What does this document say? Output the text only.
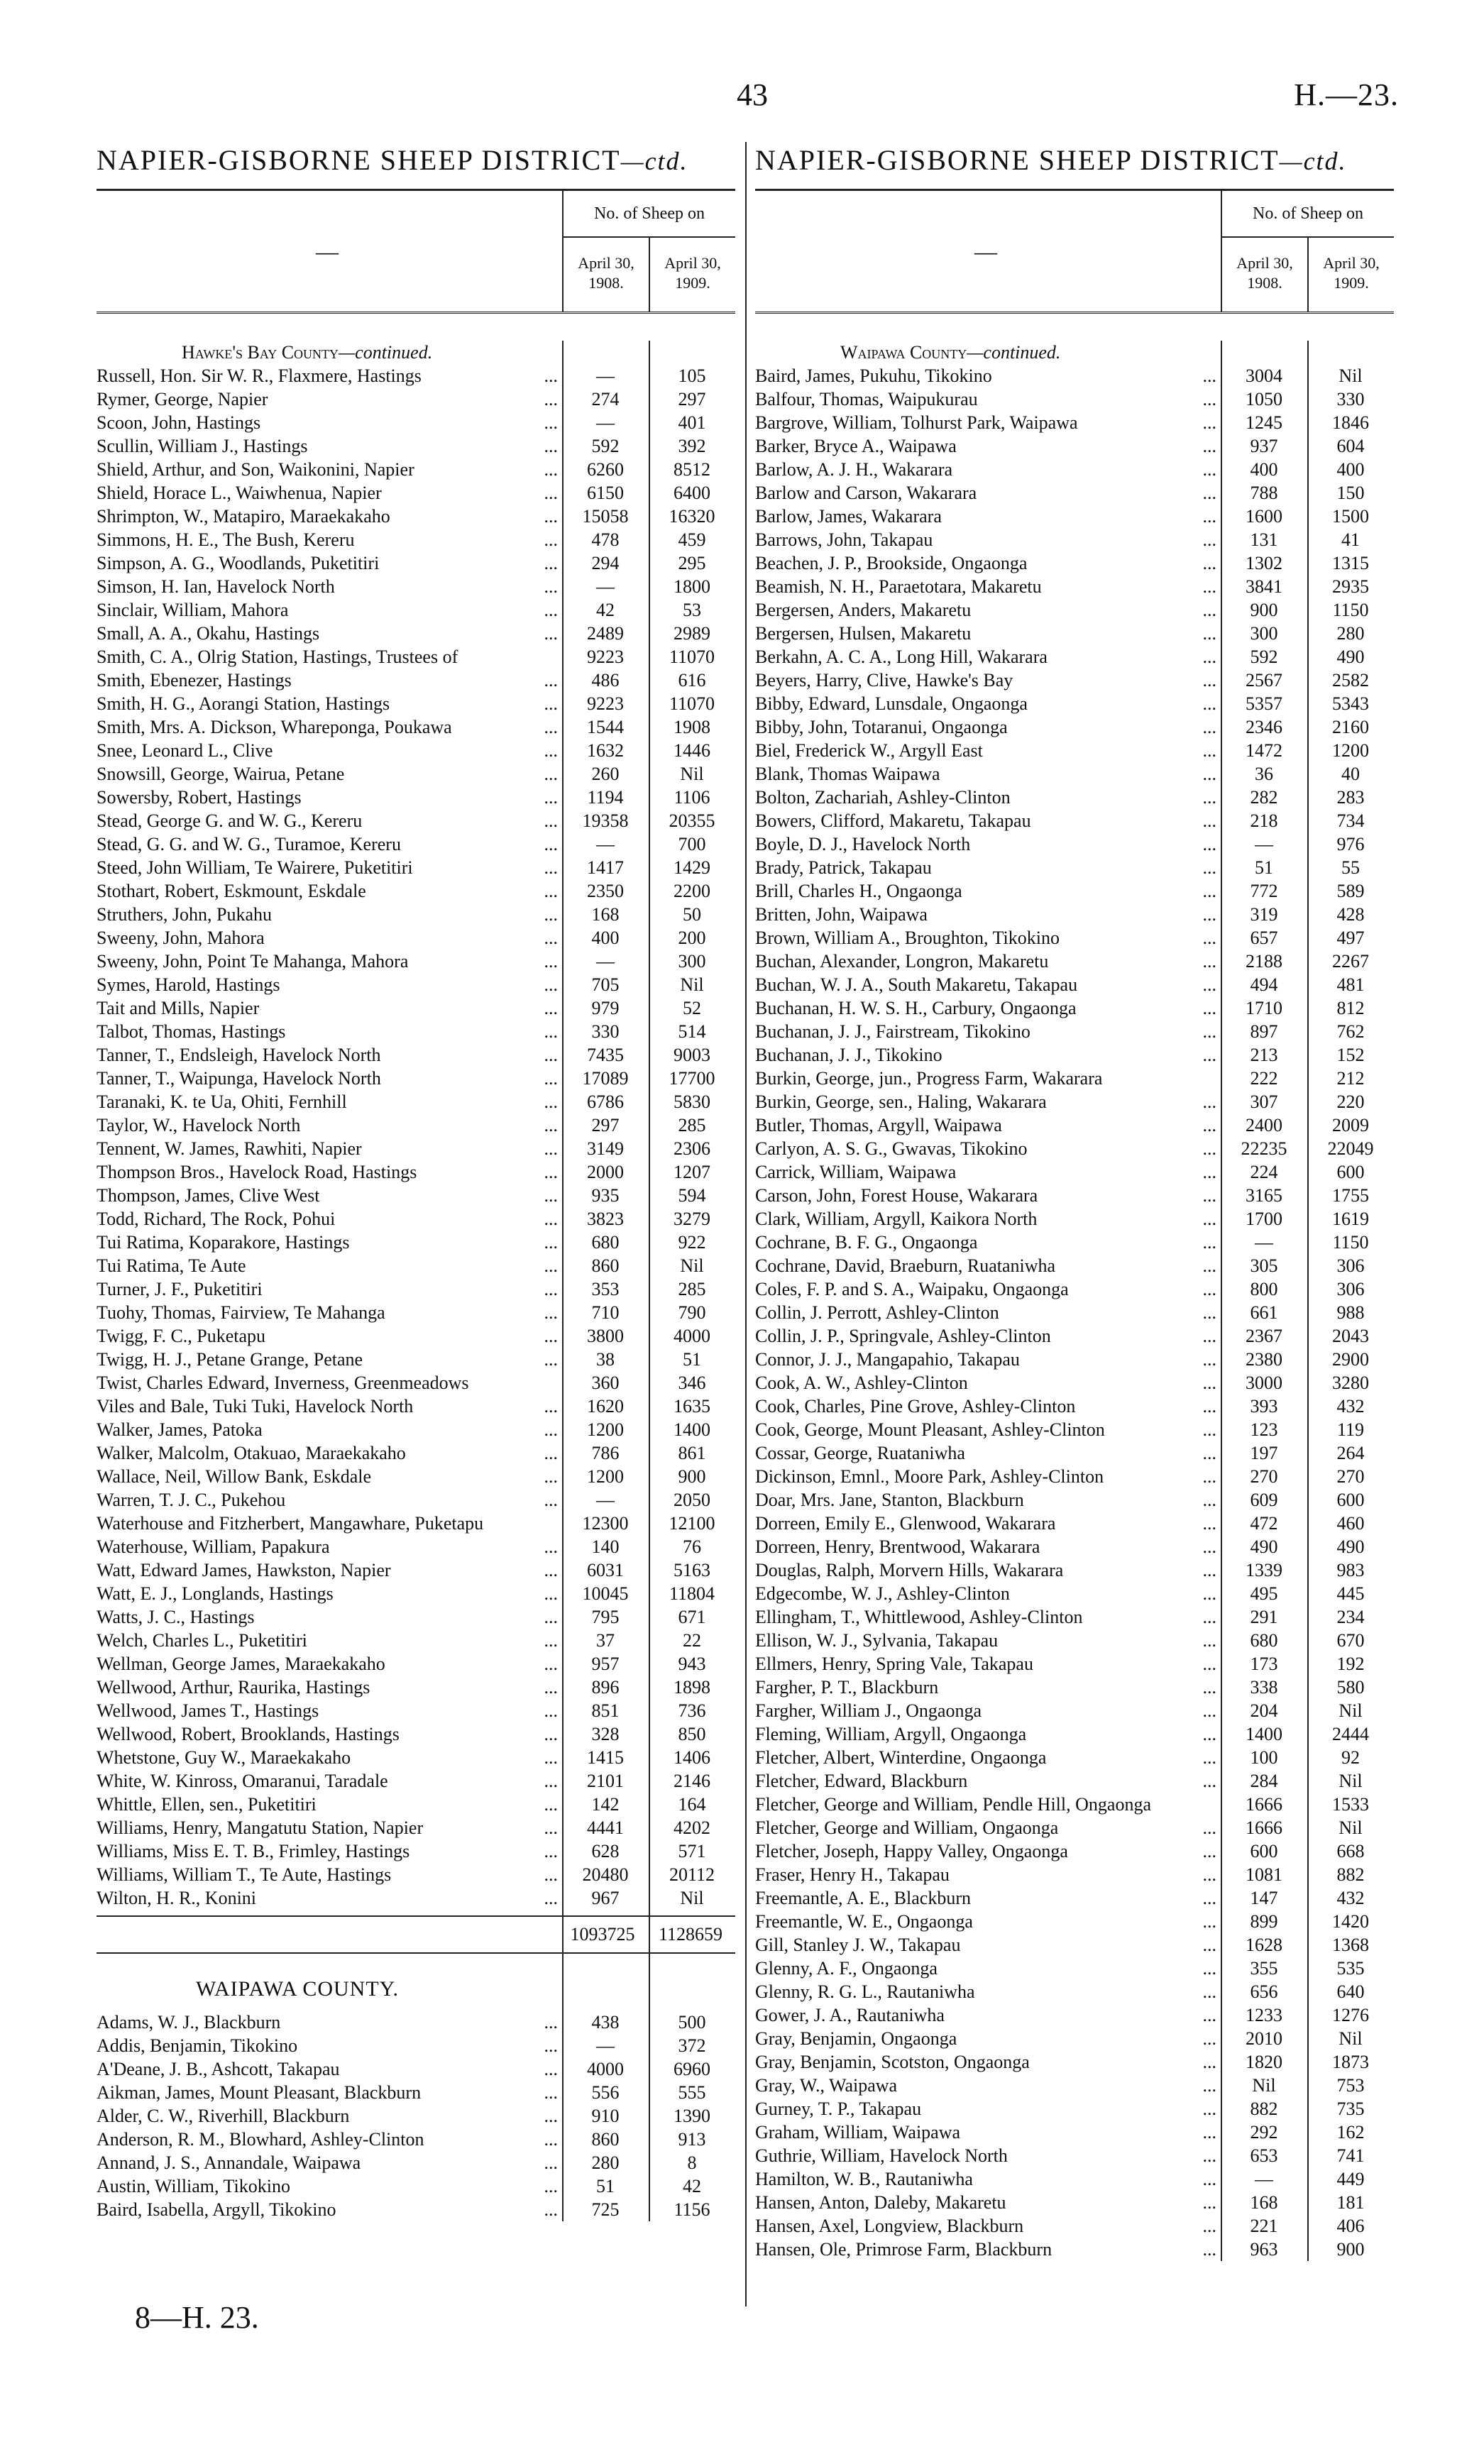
43	H.—23.
NAPIER-GISBORNE SHEEP DISTRICT—ctd.
—
No. of Sheep on
April 30,
1908.
April 30,
1909.
Hawke's Bay County—continued.
Russell, Hon. Sir W. R., Flaxmere, Hastings ...	—	105
Rymer, George, Napier ...	274	297
Scoon, John, Hastings ...	—	401
Scullin, William J., Hastings ...	592	392
Shield, Arthur, and Son, Waikonini, Napier ...	6260	8512
Shield, Horace L., Waiwhenua, Napier ...	6150	6400
Shrimpton, W., Matapiro, Maraekakaho ...	15058	16320
Simmons, H. E., The Bush, Kereru ...	478	459
Simpson, A. G., Woodlands, Puketitiri ...	294	295
Simson, H. Ian, Havelock North ...	—	1800
Sinclair, William, Mahora ...	42	53
Small, A. A., Okahu, Hastings ...	2489	2989
Smith, C. A., Olrig Station, Hastings, Trustees of	9223	11070
Smith, Ebenezer, Hastings ...	486	616
Smith, H. G., Aorangi Station, Hastings ...	9223	11070
Smith, Mrs. A. Dickson, Whareponga, Poukawa ...	1544	1908
Snee, Leonard L., Clive ...	1632	1446
Snowsill, George, Wairua, Petane ...	260	Nil
Sowersby, Robert, Hastings ...	1194	1106
Stead, George G. and W. G., Kereru ...	19358	20355
Stead, G. G. and W. G., Turamoe, Kereru ...	—	700
Steed, John William, Te Wairere, Puketitiri ...	1417	1429
Stothart, Robert, Eskmount, Eskdale ...	2350	2200
Struthers, John, Pukahu ...	168	50
Sweeny, John, Mahora ...	400	200
Sweeny, John, Point Te Mahanga, Mahora ...	—	300
Symes, Harold, Hastings ...	705	Nil
Tait and Mills, Napier ...	979	52
Talbot, Thomas, Hastings ...	330	514
Tanner, T., Endsleigh, Havelock North ...	7435	9003
Tanner, T., Waipunga, Havelock North ...	17089	17700
Taranaki, K. te Ua, Ohiti, Fernhill ...	6786	5830
Taylor, W., Havelock North ...	297	285
Tennent, W. James, Rawhiti, Napier ...	3149	2306
Thompson Bros., Havelock Road, Hastings ...	2000	1207
Thompson, James, Clive West ...	935	594
Todd, Richard, The Rock, Pohui ...	3823	3279
Tui Ratima, Koparakore, Hastings ...	680	922
Tui Ratima, Te Aute ...	860	Nil
Turner, J. F., Puketitiri ...	353	285
Tuohy, Thomas, Fairview, Te Mahanga ...	710	790
Twigg, F. C., Puketapu ...	3800	4000
Twigg, H. J., Petane Grange, Petane ...	38	51
Twist, Charles Edward, Inverness, Greenmeadows	360	346
Viles and Bale, Tuki Tuki, Havelock North ...	1620	1635
Walker, James, Patoka ...	1200	1400
Walker, Malcolm, Otakuao, Maraekakaho ...	786	861
Wallace, Neil, Willow Bank, Eskdale ...	1200	900
Warren, T. J. C., Pukehou ...	—	2050
Waterhouse and Fitzherbert, Mangawhare, Puketapu	12300	12100
Waterhouse, William, Papakura ...	140	76
Watt, Edward James, Hawkston, Napier ...	6031	5163
Watt, E. J., Longlands, Hastings ...	10045	11804
Watts, J. C., Hastings ...	795	671
Welch, Charles L., Puketitiri ...	37	22
Wellman, George James, Maraekakaho ...	957	943
Wellwood, Arthur, Raurika, Hastings ...	896	1898
Wellwood, James T., Hastings ...	851	736
Wellwood, Robert, Brooklands, Hastings ...	328	850
Whetstone, Guy W., Maraekakaho ...	1415	1406
White, W. Kinross, Omaranui, Taradale ...	2101	2146
Whittle, Ellen, sen., Puketitiri ...	142	164
Williams, Henry, Mangatutu Station, Napier ...	4441	4202
Williams, Miss E. T. B., Frimley, Hastings ...	628	571
Williams, William T., Te Aute, Hastings ...	20480	20112
Wilton, H. R., Konini ...	967	Nil
1093725	1128659
WAIPAWA COUNTY.
Adams, W. J., Blackburn ...	438	500
Addis, Benjamin, Tikokino ...	—	372
A'Deane, J. B., Ashcott, Takapau ...	4000	6960
Aikman, James, Mount Pleasant, Blackburn ...	556	555
Alder, C. W., Riverhill, Blackburn ...	910	1390
Anderson, R. M., Blowhard, Ashley-Clinton ...	860	913
Annand, J. S., Annandale, Waipawa ...	280	8
Austin, William, Tikokino ...	51	42
Baird, Isabella, Argyll, Tikokino ...	725	1156
NAPIER-GISBORNE SHEEP DISTRICT—ctd.
—
No. of Sheep on
April 30,
1908.
April 30,
1909.
Waipawa County—continued.
Baird, James, Pukuhu, Tikokino ...	3004	Nil
Balfour, Thomas, Waipukurau ...	1050	330
Bargrove, William, Tolhurst Park, Waipawa ...	1245	1846
Barker, Bryce A., Waipawa ...	937	604
Barlow, A. J. H., Wakarara ...	400	400
Barlow and Carson, Wakarara ...	788	150
Barlow, James, Wakarara ...	1600	1500
Barrows, John, Takapau ...	131	41
Beachen, J. P., Brookside, Ongaonga ...	1302	1315
Beamish, N. H., Paraetotara, Makaretu ...	3841	2935
Bergersen, Anders, Makaretu ...	900	1150
Bergersen, Hulsen, Makaretu ...	300	280
Berkahn, A. C. A., Long Hill, Wakarara ...	592	490
Beyers, Harry, Clive, Hawke's Bay ...	2567	2582
Bibby, Edward, Lunsdale, Ongaonga ...	5357	5343
Bibby, John, Totaranui, Ongaonga ...	2346	2160
Biel, Frederick W., Argyll East ...	1472	1200
Blank, Thomas Waipawa ...	36	40
Bolton, Zachariah, Ashley-Clinton ...	282	283
Bowers, Clifford, Makaretu, Takapau ...	218	734
Boyle, D. J., Havelock North ...	—	976
Brady, Patrick, Takapau ...	51	55
Brill, Charles H., Ongaonga ...	772	589
Britten, John, Waipawa ...	319	428
Brown, William A., Broughton, Tikokino ...	657	497
Buchan, Alexander, Longron, Makaretu ...	2188	2267
Buchan, W. J. A., South Makaretu, Takapau ...	494	481
Buchanan, H. W. S. H., Carbury, Ongaonga ...	1710	812
Buchanan, J. J., Fairstream, Tikokino ...	897	762
Buchanan, J. J., Tikokino ...	213	152
Burkin, George, jun., Progress Farm, Wakarara	222	212
Burkin, George, sen., Haling, Wakarara ...	307	220
Butler, Thomas, Argyll, Waipawa ...	2400	2009
Carlyon, A. S. G., Gwavas, Tikokino ...	22235	22049
Carrick, William, Waipawa ...	224	600
Carson, John, Forest House, Wakarara ...	3165	1755
Clark, William, Argyll, Kaikora North ...	1700	1619
Cochrane, B. F. G., Ongaonga ...	—	1150
Cochrane, David, Braeburn, Ruataniwha ...	305	306
Coles, F. P. and S. A., Waipaku, Ongaonga ...	800	306
Collin, J. Perrott, Ashley-Clinton ...	661	988
Collin, J. P., Springvale, Ashley-Clinton ...	2367	2043
Connor, J. J., Mangapahio, Takapau ...	2380	2900
Cook, A. W., Ashley-Clinton ...	3000	3280
Cook, Charles, Pine Grove, Ashley-Clinton ...	393	432
Cook, George, Mount Pleasant, Ashley-Clinton ...	123	119
Cossar, George, Ruataniwha ...	197	264
Dickinson, Emnl., Moore Park, Ashley-Clinton ...	270	270
Doar, Mrs. Jane, Stanton, Blackburn ...	609	600
Dorreen, Emily E., Glenwood, Wakarara ...	472	460
Dorreen, Henry, Brentwood, Wakarara ...	490	490
Douglas, Ralph, Morvern Hills, Wakarara ...	1339	983
Edgecombe, W. J., Ashley-Clinton ...	495	445
Ellingham, T., Whittlewood, Ashley-Clinton ...	291	234
Ellison, W. J., Sylvania, Takapau ...	680	670
Ellmers, Henry, Spring Vale, Takapau ...	173	192
Fargher, P. T., Blackburn ...	338	580
Fargher, William J., Ongaonga ...	204	Nil
Fleming, William, Argyll, Ongaonga ...	1400	2444
Fletcher, Albert, Winterdine, Ongaonga ...	100	92
Fletcher, Edward, Blackburn ...	284	Nil
Fletcher, George and William, Pendle Hill, Ongaonga	1666	1533
Fletcher, George and William, Ongaonga ...	1666	Nil
Fletcher, Joseph, Happy Valley, Ongaonga ...	600	668
Fraser, Henry H., Takapau ...	1081	882
Freemantle, A. E., Blackburn ...	147	432
Freemantle, W. E., Ongaonga ...	899	1420
Gill, Stanley J. W., Takapau ...	1628	1368
Glenny, A. F., Ongaonga ...	355	535
Glenny, R. G. L., Rautaniwha ...	656	640
Gower, J. A., Rautaniwha ...	1233	1276
Gray, Benjamin, Ongaonga ...	2010	Nil
Gray, Benjamin, Scotston, Ongaonga ...	1820	1873
Gray, W., Waipawa ...	Nil	753
Gurney, T. P., Takapau ...	882	735
Graham, William, Waipawa ...	292	162
Guthrie, William, Havelock North ...	653	741
Hamilton, W. B., Rautaniwha ...	—	449
Hansen, Anton, Daleby, Makaretu ...	168	181
Hansen, Axel, Longview, Blackburn ...	221	406
Hansen, Ole, Primrose Farm, Blackburn ...	963	900
8—H. 23.
